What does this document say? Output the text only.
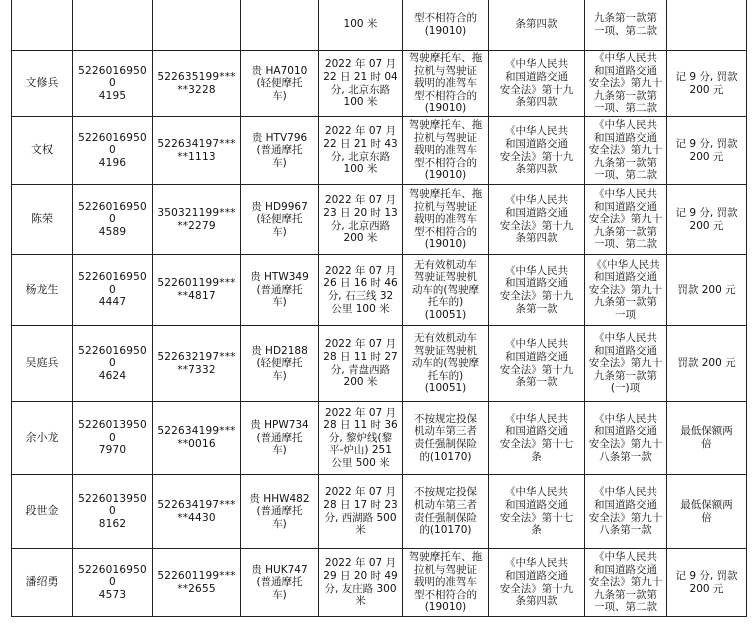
				100 米	型不相符合的
(19010)	条第四款	九条第一款第
一项、第二款	
文修兵	52260169500
4195	522635199***
**3228	贵 HA7010
(轻便摩托
车)	2022 年 07 月
22 日 21 时 04
分, 北京东路
100 米	驾驶摩托车、拖
拉机与驾驶证
载明的准驾车
型不相符合的
(19010)	《中华人民共
和国道路交通
安全法》第十九
条第四款	《中华人民共
和国道路交通
安全法》第九十
九条第一款第
一项、第二款	记 9 分, 罚款
200 元
文权	52260169500
4196	522634197***
**1113	贵 HTV796
(普通摩托
车)	2022 年 07 月
22 日 21 时 43
分, 北京东路
100 米	驾驶摩托车、拖
拉机与驾驶证
载明的准驾车
型不相符合的
(19010)	《中华人民共
和国道路交通
安全法》第十九
条第四款	《中华人民共
和国道路交通
安全法》第九十
九条第一款第
一项、第二款	记 9 分, 罚款
200 元
陈荣	52260169500
4589	350321199***
**2279	贵 HD9967
(轻便摩托
车)	2022 年 07 月
23 日 20 时 13
分, 北京西路
200 米	驾驶摩托车、拖
拉机与驾驶证
载明的准驾车
型不相符合的
(19010)	《中华人民共
和国道路交通
安全法》第十九
条第四款	《中华人民共
和国道路交通
安全法》第九十
九条第一款第
一项、第二款	记 9 分, 罚款
200 元
杨龙生	52260169500
4447	522601199***
**4817	贵 HTW349
(普通摩托
车)	2022 年 07 月
26 日 16 时 46
分, 石三线 32
公里 100 米	无有效机动车
驾驶证驾驶机
动车的(驾驶摩
托车的)
(10051)	《中华人民共
和国道路交通
安全法》第十九
条第一款	《《中华人民共
和国道路交通
安全法》第九十
九条第一款第
一项	罚款 200 元
吴庭兵	52260169500
4624	522632197***
**7332	贵 HD2188
(轻便摩托
车)	2022 年 07 月
28 日 11 时 27
分, 青盘西路
200 米	无有效机动车
驾驶证驾驶机
动车的(驾驶摩
托车的)
(10051)	《中华人民共
和国道路交通
安全法》第十九
条第一款	《中华人民共
和国道路交通
安全法》第九十
九条第一款第
(一)项	罚款 200 元
余小龙	52260139500
7970	522634199***
**0016	贵 HPW734
(普通摩托
车)	2022 年 07 月
28 日 11 时 36
分, 黎炉线(黎
平-炉山) 251
公里 500 米	不按规定投保
机动车第三者
责任强制保险
的(10170)	《中华人民共
和国道路交通
安全法》第十七
条	《中华人民共
和国道路交通
安全法》第九十
八条第一款	最低保额两
倍
段世金	52260139500
8162	522634197***
**4430	贵 HHW482
(普通摩托
车)	2022 年 07 月
28 日 17 时 23
分, 西湖路 500
米	不按规定投保
机动车第三者
责任强制保险
的(10170)	《中华人民共
和国道路交通
安全法》第十七
条	《中华人民共
和国道路交通
安全法》第九十
八条第一款	最低保额两
倍
潘绍勇	52260169500
4573	522601199***
**2655	贵 HUK747
(普通摩托
车)	2022 年 07 月
29 日 20 时 49
分, 友庄路 300
米	驾驶摩托车、拖
拉机与驾驶证
载明的准驾车
型不相符合的
(19010)	《中华人民共
和国道路交通
安全法》第十九
条第四款	《中华人民共
和国道路交通
安全法》第九十
九条第一款第
一项、第二款	记 9 分, 罚款
200 元
